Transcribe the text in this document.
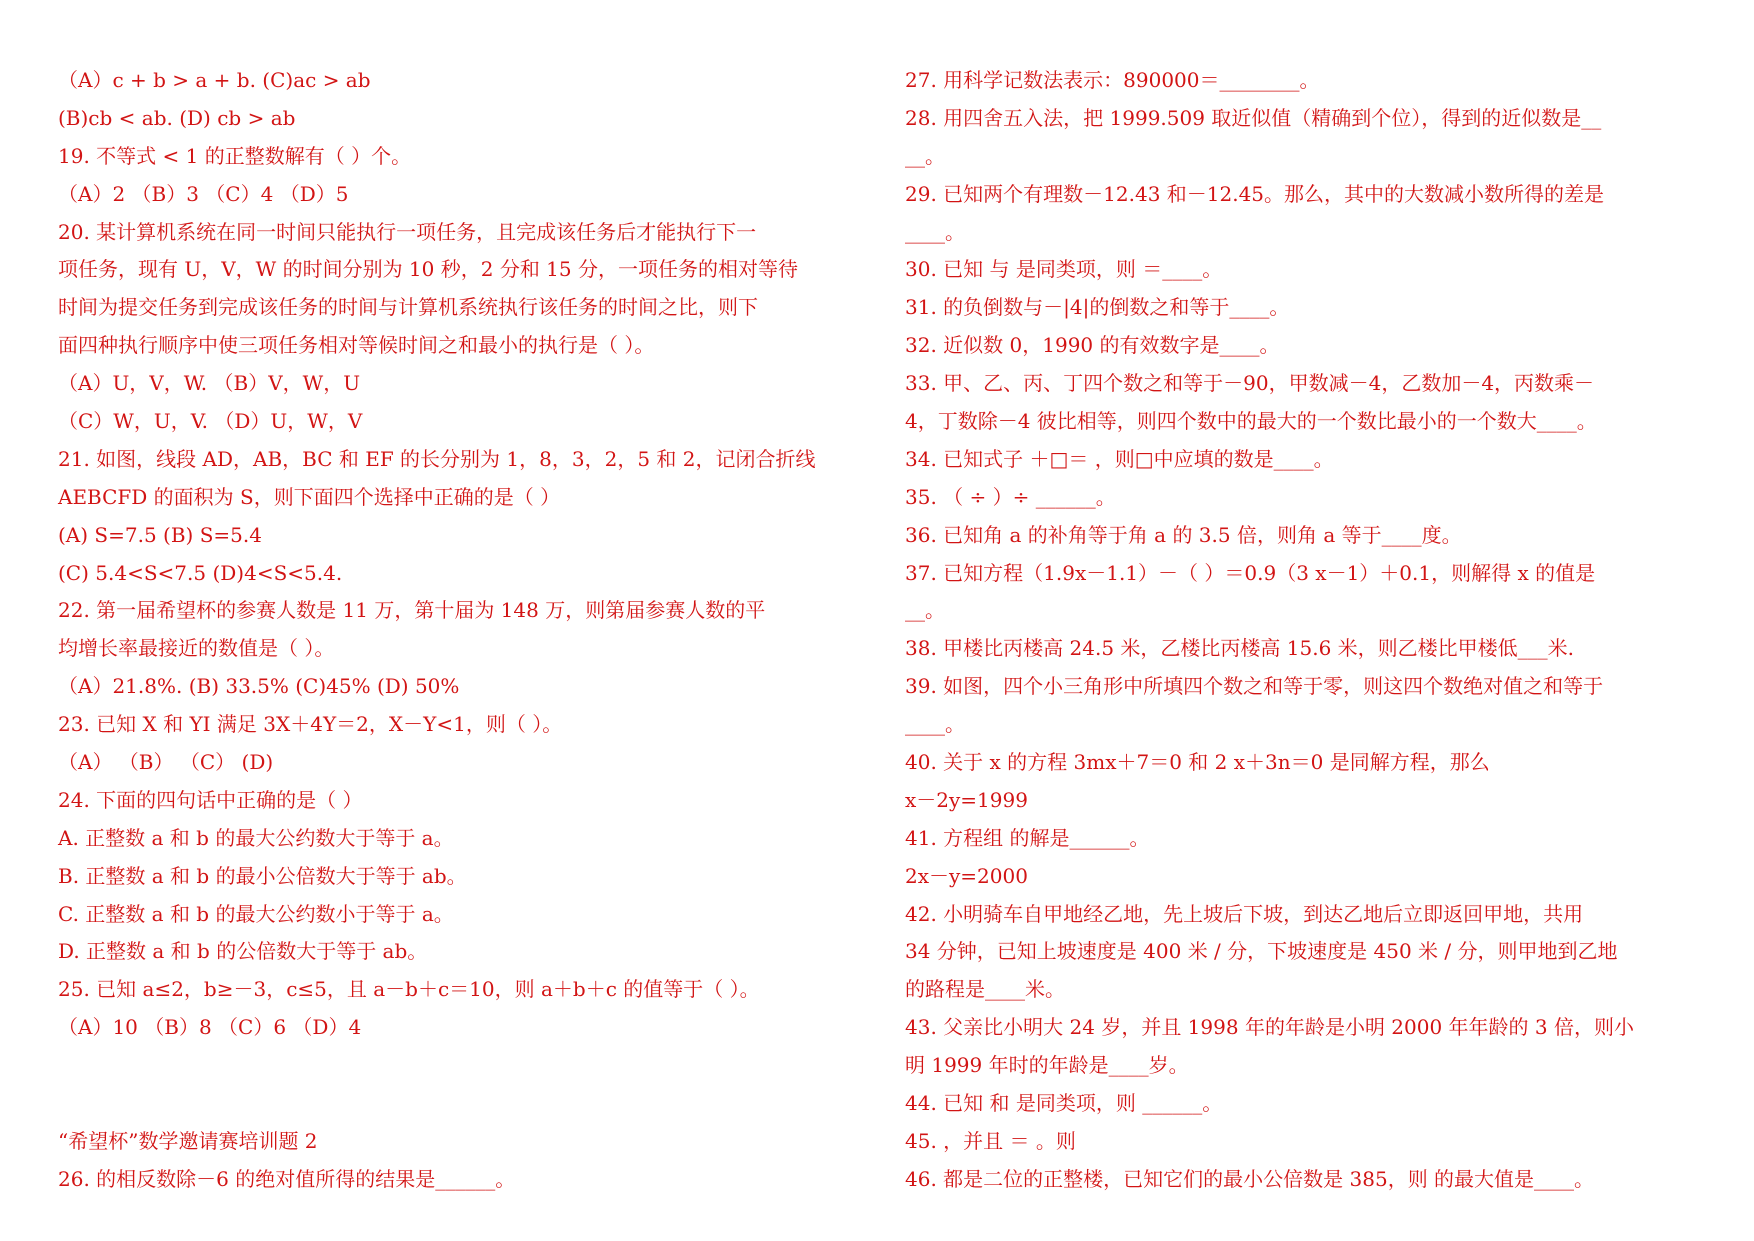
（A）c + b > a + b. (C)ac > ab
(B)cb < ab. (D) cb > ab
19. 不等式 < 1 的正整数解有（ ）个。
（A）2 （B）3 （C）4 （D）5
20. 某计算机系统在同一时间只能执行一项任务，且完成该任务后才能执行下一
项任务，现有 U，V，W 的时间分别为 10 秒，2 分和 15 分，一项任务的相对等待
时间为提交任务到完成该任务的时间与计算机系统执行该任务的时间之比，则下
面四种执行顺序中使三项任务相对等候时间之和最小的执行是（ ）。
（A）U，V，W. （B）V，W，U
（C）W，U，V. （D）U，W，V
21. 如图，线段 AD，AB，BC 和 EF 的长分别为 1，8，3，2，5 和 2，记闭合折线
AEBCFD 的面积为 S，则下面四个选择中正确的是（ ）
(A) S=7.5 (B) S=5.4
(C) 5.4<S<7.5 (D)4<S<5.4.
22. 第一届希望杯的参赛人数是 11 万，第十届为 148 万，则第届参赛人数的平
均增长率最接近的数值是（ ）。
（A）21.8%. (B) 33.5% (C)45% (D) 50%
23. 已知 X 和 YI 满足 3X＋4Y＝2，X－Y<1，则（ ）。
（A） （B） （C） (D)
24. 下面的四句话中正确的是（ ）
A. 正整数 a 和 b 的最大公约数大于等于 a。
B. 正整数 a 和 b 的最小公倍数大于等于 ab。
C. 正整数 a 和 b 的最大公约数小于等于 a。
D. 正整数 a 和 b 的公倍数大于等于 ab。
25. 已知 a≤2，b≥－3，c≤5，且 a－b＋c＝10，则 a＋b＋c 的值等于（ ）。
（A）10 （B）8 （C）6 （D）4
“希望杯”数学邀请赛培训题 2
26. 的相反数除－6 的绝对值所得的结果是______。
27. 用科学记数法表示：890000＝________。
28. 用四舍五入法，把 1999.509 取近似值（精确到个位），得到的近似数是__
__。
29. 已知两个有理数－12.43 和－12.45。那么，其中的大数减小数所得的差是
____。
30. 已知 与 是同类项，则 ＝____。
31. 的负倒数与－|4|的倒数之和等于____。
32. 近似数 0，1990 的有效数字是____。
33. 甲、乙、丙、丁四个数之和等于－90，甲数减－4，乙数加－4，丙数乘－
4，丁数除－4 彼比相等，则四个数中的最大的一个数比最小的一个数大____。
34. 已知式子 ＋□＝ ，则□中应填的数是____。
35. （ ÷ ）÷ ______。
36. 已知角 a 的补角等于角 a 的 3.5 倍，则角 a 等于____度。
37. 已知方程（1.9x－1.1）－（ ）＝0.9（3 x－1）＋0.1，则解得 x 的值是
__。
38. 甲楼比丙楼高 24.5 米，乙楼比丙楼高 15.6 米，则乙楼比甲楼低___米.
39. 如图，四个小三角形中所填四个数之和等于零，则这四个数绝对值之和等于
____。
40. 关于 x 的方程 3mx＋7＝0 和 2 x＋3n＝0 是同解方程，那么
x－2y=1999
41. 方程组 的解是______。
2x－y=2000
42. 小明骑车自甲地经乙地，先上坡后下坡，到达乙地后立即返回甲地，共用
34 分钟，已知上坡速度是 400 米 / 分，下坡速度是 450 米 / 分，则甲地到乙地
的路程是____米。
43. 父亲比小明大 24 岁，并且 1998 年的年龄是小明 2000 年年龄的 3 倍，则小
明 1999 年时的年龄是____岁。
44. 已知 和 是同类项，则 ______。
45. ，并且 ＝ 。则
46. 都是二位的正整楼，已知它们的最小公倍数是 385，则 的最大值是____。
